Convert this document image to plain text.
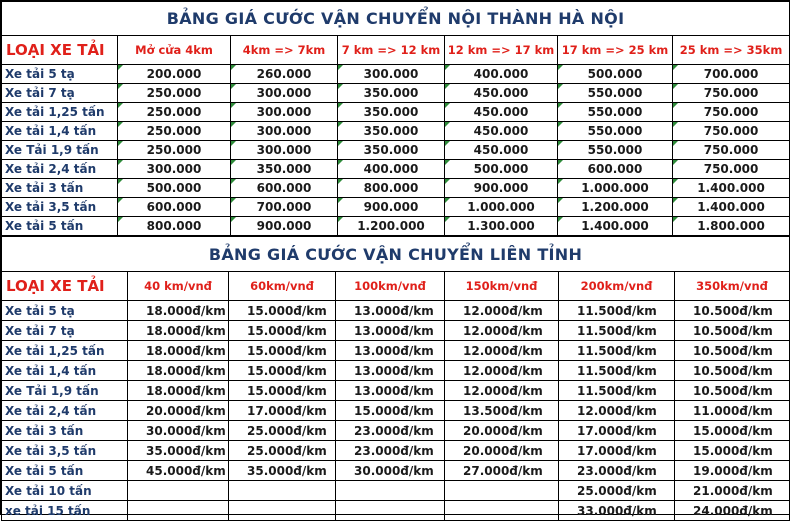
BẢNG GIÁ CƯỚC VẬN CHUYỂN NỘI THÀNH HÀ NỘI						
LOẠI XE TẢI	Mở cửa 4km	4km => 7km	7 km => 12 km	12 km => 17 km	17 km => 25 km	25 km => 35km
Xe tải 5 tạ	200.000	260.000	300.000	400.000	500.000	700.000
Xe tải 7 tạ	250.000	300.000	350.000	450.000	550.000	750.000
Xe tải 1,25 tấn	250.000	300.000	350.000	450.000	550.000	750.000
Xe tải 1,4 tấn	250.000	300.000	350.000	450.000	550.000	750.000
Xe Tải 1,9 tấn	250.000	300.000	350.000	450.000	550.000	750.000
Xe tải 2,4 tấn	300.000	350.000	400.000	500.000	600.000	750.000
Xe tải 3 tấn	500.000	600.000	800.000	900.000	1.000.000	1.400.000
Xe tải 3,5 tấn	600.000	700.000	900.000	1.000.000	1.200.000	1.400.000
Xe tải 5 tấn	800.000	900.000	1.200.000	1.300.000	1.400.000	1.800.000
BẢNG GIÁ CƯỚC VẬN CHUYỂN LIÊN TỈNH						
LOẠI XE TẢI	40 km/vnđ	60km/vnđ	100km/vnđ	150km/vnđ	200km/vnđ	350km/vnđ
Xe tải 5 tạ	18.000đ/km	15.000đ/km	13.000đ/km	12.000đ/km	11.500đ/km	10.500đ/km
Xe tải 7 tạ	18.000đ/km	15.000đ/km	13.000đ/km	12.000đ/km	11.500đ/km	10.500đ/km
Xe tải 1,25 tấn	18.000đ/km	15.000đ/km	13.000đ/km	12.000đ/km	11.500đ/km	10.500đ/km
Xe tải 1,4 tấn	18.000đ/km	15.000đ/km	13.000đ/km	12.000đ/km	11.500đ/km	10.500đ/km
Xe Tải 1,9 tấn	18.000đ/km	15.000đ/km	13.000đ/km	12.000đ/km	11.500đ/km	10.500đ/km
Xe tải 2,4 tấn	20.000đ/km	17.000đ/km	15.000đ/km	13.500đ/km	12.000đ/km	11.000đ/km
Xe tải 3 tấn	30.000đ/km	25.000đ/km	23.000đ/km	20.000đ/km	17.000đ/km	15.000đ/km
Xe tải 3,5 tấn	35.000đ/km	25.000đ/km	23.000đ/km	20.000đ/km	17.000đ/km	15.000đ/km
Xe tải 5 tấn	45.000đ/km	35.000đ/km	30.000đ/km	27.000đ/km	23.000đ/km	19.000đ/km
Xe tải 10 tấn					25.000đ/km	21.000đ/km
xe tải 15 tấn					33.000đ/km	24.000đ/km
